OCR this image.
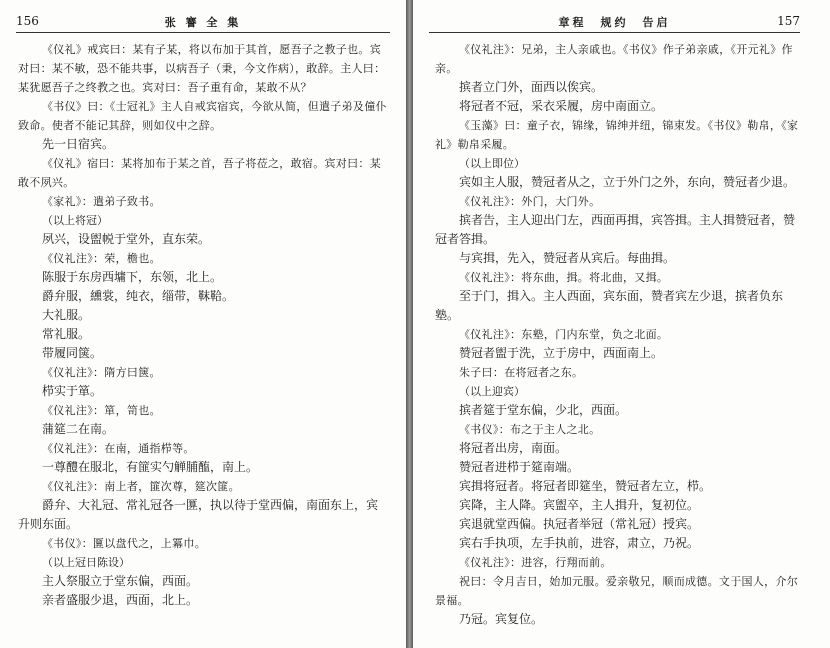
156	张 謇 全 集

《仪礼》戒宾曰：某有子某，将以布加于其首，愿吾子之教子也。宾对曰：某不敏，恐不能共事，以病吾子（秉，今文作病），敢辞。主人曰：某犹愿吾子之终教之也。宾对曰：吾子重有命，某敢不从？

《书仪》曰：《士冠礼》主人自戒宾宿宾，今欲从简，但遣子弟及僮仆致命。使者不能记其辞，则如仪中之辞。

先一日宿宾。

《仪礼》宿曰：某将加布于某之首，吾子将莅之，敢宿。宾对曰：某敢不夙兴。

《家礼》：遣弟子致书。

（以上将冠）

夙兴，设盥帨于堂外，直东荣。

《仪礼注》：荣，檐也。

陈服于东房西墉下，东领，北上。

爵弁服，纁裳，纯衣，缁带，靺鞈。

大礼服。

常礼服。

带履同箧。

《仪礼注》：隋方曰箧。

栉实于箪。

《仪礼注》：箪，笥也。

蒲筵二在南。

《仪礼注》：在南，通指栉等。

一尊醴在服北，有篚实勺觯脯醢，南上。

《仪礼注》：南上者，篚次尊，筵次篚。

爵弁、大礼冠、常礼冠各一匴，执以待于堂西偏，南面东上，宾升则东面。

《书仪》：匴以盘代之，上冪巾。

（以上冠日陈设）

主人祭服立于堂东偏，西面。

亲者盛服少退，西面，北上。

章程　规约　告启	157

《仪礼注》：兄弟，主人亲戚也。《书仪》作子弟亲戚，《开元礼》作亲。

摈者立门外，面西以俟宾。

将冠者不冠，采衣采履，房中南面立。

《玉藻》曰：童子衣，锦缘，锦绅并纽，锦束发。《书仪》勒帛，《家礼》勒帛采履。

（以上即位）

宾如主人服，赞冠者从之，立于外门之外，东向，赞冠者少退。

《仪礼注》：外门，大门外。

摈者告，主人迎出门左，西面再揖，宾答揖。主人揖赞冠者，赞冠者答揖。

与宾揖，先入，赞冠者从宾后。每曲揖。

《仪礼注》：将东曲，揖。将北曲，又揖。

至于门，揖入。主人西面，宾东面，赞者宾左少退，摈者负东塾。

《仪礼注》：东塾，门内东堂，负之北面。

赞冠者盥于洗，立于房中，西面南上。

朱子曰：在将冠者之东。

（以上迎宾）

摈者筵于堂东偏，少北，西面。

《书仪》：布之于主人之北。

将冠者出房，南面。

赞冠者进栉于筵南端。

宾揖将冠者。将冠者即筵坐，赞冠者左立，栉。

宾降，主人降。宾盥卒，主人揖升，复初位。

宾退就堂西偏。执冠者举冠（常礼冠）授宾。

宾右手执项，左手执前，进容，肃立，乃祝。

《仪礼注》：进容，行翔而前。

祝曰：令月吉日，始加元服。爱亲敬兄，顺而成德。文于国人，介尔景福。

乃冠。宾复位。
